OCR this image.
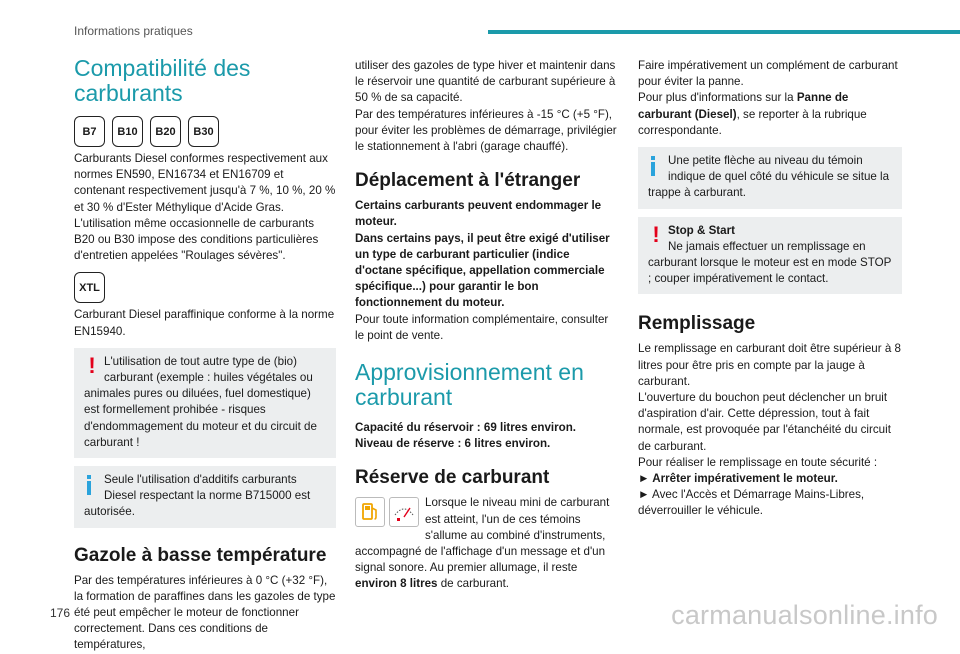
Informations pratiques
Compatibilité des carburants
B7	B10	B20	B30

Carburants Diesel conformes respectivement aux normes EN590, EN16734 et EN16709 et contenant respectivement jusqu'à 7 %, 10 %, 20 % et 30 % d'Ester Méthylique d'Acide Gras. L'utilisation même occasionnelle de carburants B20 ou B30 impose des conditions particulières d'entretien appelées "Roulages sévères".

XTL

Carburant Diesel paraffinique conforme à la norme EN15940.

! L'utilisation de tout autre type de (bio) carburant (exemple : huiles végétales ou animales pures ou diluées, fuel domestique) est formellement prohibée - risques d'endommagement du moteur et du circuit de carburant !
Seule l'utilisation d'additifs carburants Diesel respectant la norme B715000 est autorisée.
Gazole à basse température

Par des températures inférieures à 0 °C (+32 °F), la formation de paraffines dans les gazoles de type été peut empêcher le moteur de fonctionner correctement. Dans ces conditions de températures,

utiliser des gazoles de type hiver et maintenir dans le réservoir une quantité de carburant supérieure à 50 % de sa capacité.
Par des températures inférieures à -15 °C (+5 °F), pour éviter les problèmes de démarrage, privilégier le stationnement à l'abri (garage chauffé).

Déplacement à l'étranger

Certains carburants peuvent endommager le moteur.
Dans certains pays, il peut être exigé d'utiliser un type de carburant particulier (indice d'octane spécifique, appellation commerciale spécifique...) pour garantir le bon fonctionnement du moteur.

Pour toute information complémentaire, consulter le point de vente.

Approvisionnement en carburant

Capacité du réservoir : 69 litres environ.
Niveau de réserve : 6 litres environ.

Réserve de carburant

Lorsque le niveau mini de carburant est atteint, l'un de ces témoins s'allume au combiné d'instruments, accompagné de l'affichage d'un message et d'un signal sonore. Au premier allumage, il reste environ 8 litres de carburant.

Faire impérativement un complément de carburant pour éviter la panne.
Pour plus d'informations sur la Panne de carburant (Diesel), se reporter à la rubrique correspondante.

Une petite flèche au niveau du témoin indique de quel côté du véhicule se situe la trappe à carburant.
! Stop & Start
Ne jamais effectuer un remplissage en carburant lorsque le moteur est en mode STOP ; couper impérativement le contact.
Remplissage

Le remplissage en carburant doit être supérieur à 8 litres pour être pris en compte par la jauge à carburant.
L'ouverture du bouchon peut déclencher un bruit d'aspiration d'air. Cette dépression, tout à fait normale, est provoquée par l'étanchéité du circuit de carburant.
Pour réaliser le remplissage en toute sécurité :

► Arrêter impérativement le moteur.

► Avec l'Accès et Démarrage Mains-Libres, déverrouiller le véhicule.

176	carmanualsonline.info
